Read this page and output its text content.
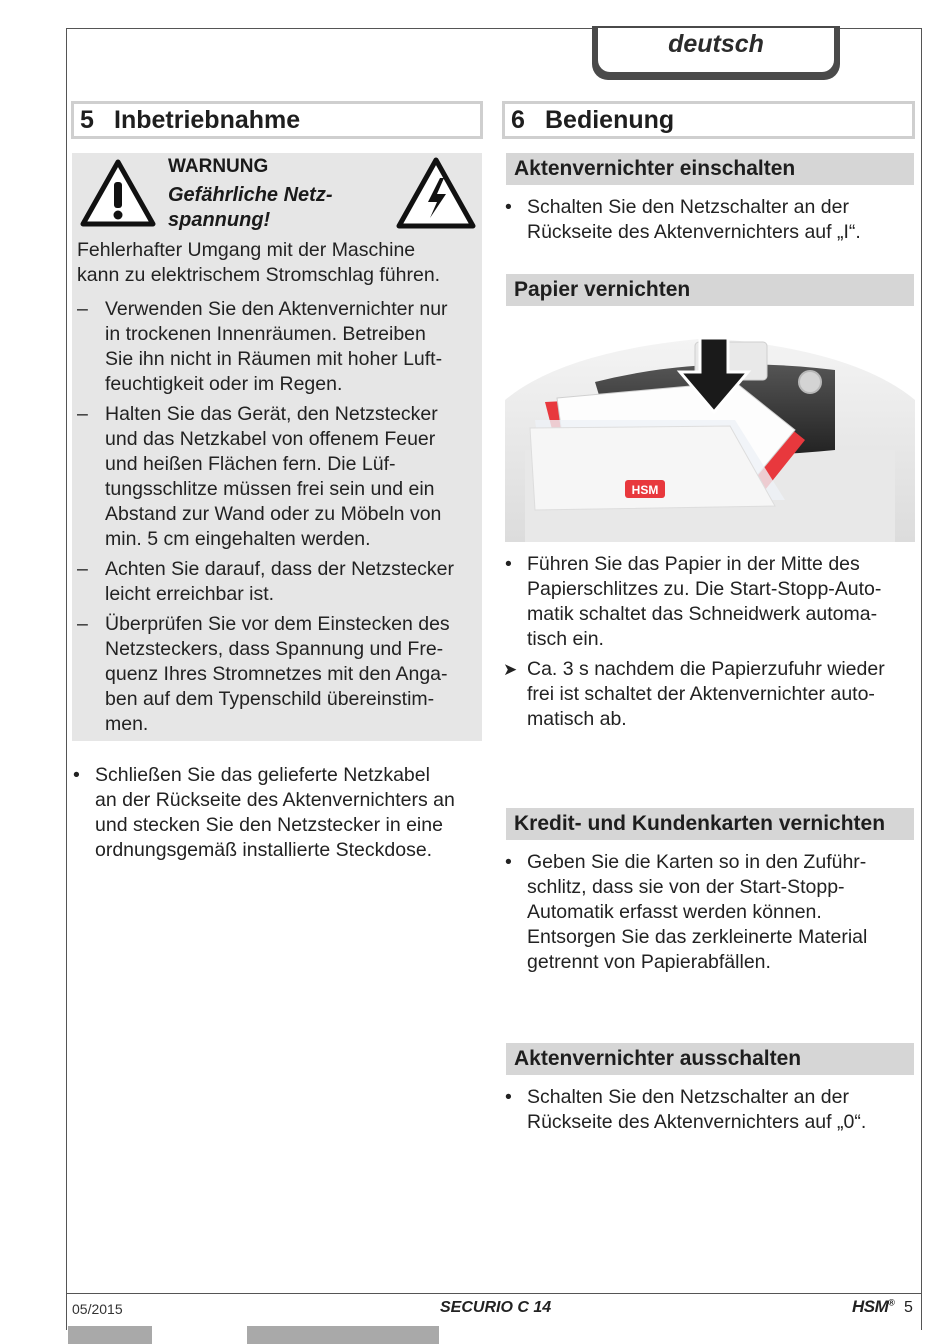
deutsch
5 Inbetriebnahme
WARNUNG
Gefährliche Netz-
spannung!
Fehlerhafter Umgang mit der Maschine
kann zu elektrischem Stromschlag führen.
– Verwenden Sie den Aktenvernichter nur
in trockenen Innenräumen. Betreiben
Sie ihn nicht in Räumen mit hoher Luft-
feuchtigkeit oder im Regen.
– Halten Sie das Gerät, den Netzstecker
und das Netzkabel von offenem Feuer
und heißen Flächen fern. Die Lüf-
tungsschlitze müssen frei sein und ein
Abstand zur Wand oder zu Möbeln von
min. 5 cm eingehalten werden.
– Achten Sie darauf, dass der Netzstecker
leicht erreichbar ist.
– Überprüfen Sie vor dem Einstecken des
Netzsteckers, dass Spannung und Fre-
quenz Ihres Stromnetzes mit den Anga-
ben auf dem Typenschild übereinstim-
men.
• Schließen Sie das gelieferte Netzkabel
an der Rückseite des Aktenvernichters an
und stecken Sie den Netzstecker in eine
ordnungsgemäß installierte Steckdose.
6 Bedienung
Aktenvernichter einschalten
• Schalten Sie den Netzschalter an der
Rückseite des Aktenvernichters auf „I“.
Papier vernichten
HSM
• Führen Sie das Papier in der Mitte des
Papierschlitzes zu. Die Start-Stopp-Auto-
matik schaltet das Schneidwerk automa-
tisch ein.
➤ Ca. 3 s nachdem die Papierzufuhr wieder
frei ist schaltet der Aktenvernichter auto-
matisch ab.
Kredit- und Kundenkarten vernichten
• Geben Sie die Karten so in den Zuführ-
schlitz, dass sie von der Start-Stopp-
Automatik erfasst werden können.
Entsorgen Sie das zerkleinerte Material
getrennt von Papierabfällen.
Aktenvernichter ausschalten
• Schalten Sie den Netzschalter an der
Rückseite des Aktenvernichters auf „0“.
05/2015	SECURIO C 14	HSM® 5
